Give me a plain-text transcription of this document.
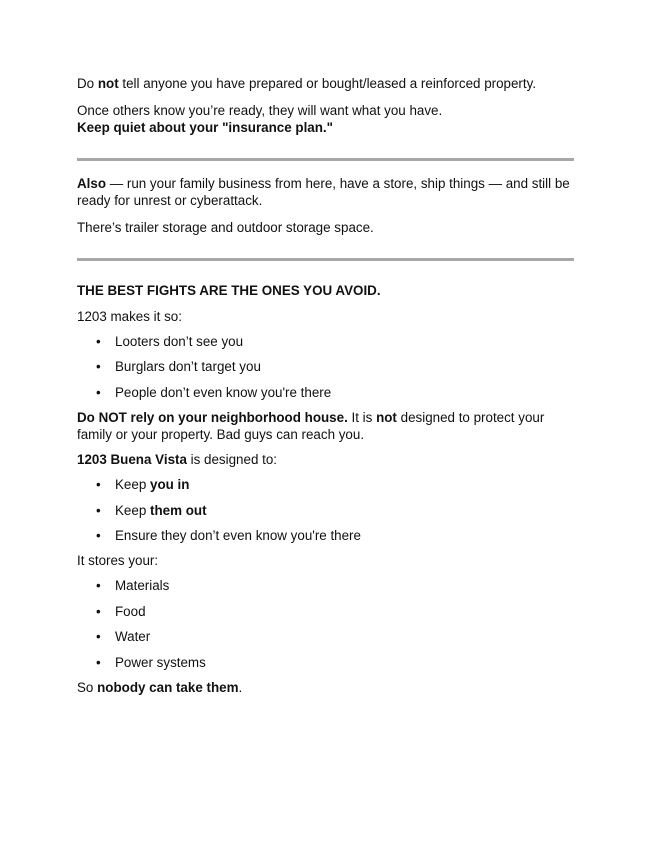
Do not tell anyone you have prepared or bought/leased a reinforced property.

Once others know you’re ready, they will want what you have.
Keep quiet about your "insurance plan."

Also — run your family business from here, have a store, ship things — and still be ready for unrest or cyberattack.

There’s trailer storage and outdoor storage space.

THE BEST FIGHTS ARE THE ONES YOU AVOID.

1203 makes it so:

• Looters don’t see you
• Burglars don’t target you
• People don’t even know you're there

Do NOT rely on your neighborhood house. It is not designed to protect your family or your property. Bad guys can reach you.

1203 Buena Vista is designed to:

• Keep you in
• Keep them out
• Ensure they don’t even know you're there

It stores your:

• Materials
• Food
• Water
• Power systems

So nobody can take them.
